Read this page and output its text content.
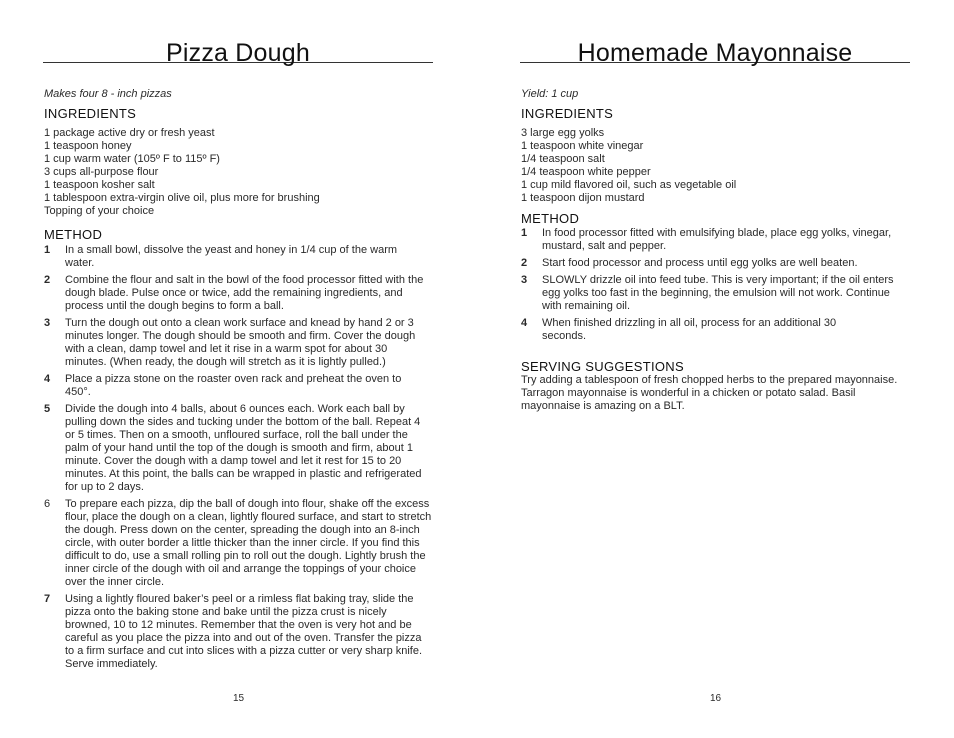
Pizza Dough
Makes four 8 - inch pizzas
INGREDIENTS
1 package active dry or fresh yeast
1 teaspoon honey
1 cup warm water (105º F to 115º F)
3 cups all-purpose flour
1 teaspoon kosher salt
1 tablespoon extra-virgin olive oil, plus more for brushing
Topping of your choice
METHOD
1	In a small bowl, dissolve the yeast and honey in 1/4 cup of the warm water.
2	Combine the flour and salt in the bowl of the food processor fitted with the dough blade. Pulse once or twice, add the remaining ingredients, and process until the dough begins to form a ball.
3	Turn the dough out onto a clean work surface and knead by hand 2 or 3 minutes longer. The dough should be smooth and firm. Cover the dough with a clean, damp towel and let it rise in a warm spot for about 30 minutes. (When ready, the dough will stretch as it is lightly pulled.)
4	Place a pizza stone on the roaster oven rack and preheat the oven to 450°.
5	Divide the dough into 4 balls, about 6 ounces each. Work each ball by pulling down the sides and tucking under the bottom of the ball. Repeat 4 or 5 times. Then on a smooth, unfloured surface, roll the ball under the palm of your hand until the top of the dough is smooth and firm, about 1 minute. Cover the dough with a damp towel and let it rest for 15 to 20 minutes. At this point, the balls can be wrapped in plastic and refrigerated for up to 2 days.
6	To prepare each pizza, dip the ball of dough into flour, shake off the excess flour, place the dough on a clean, lightly floured surface, and start to stretch the dough. Press down on the center, spreading the dough into an 8-inch circle, with outer border a little thicker than the inner circle. If you find this difficult to do, use a small rolling pin to roll out the dough. Lightly brush the inner circle of the dough with oil and arrange the toppings of your choice over the inner circle.
7	Using a lightly floured baker’s peel or a rimless flat baking tray, slide the pizza onto the baking stone and bake until the pizza crust is nicely browned, 10 to 12 minutes. Remember that the oven is very hot and be careful as you place the pizza into and out of the oven. Transfer the pizza to a firm surface and cut into slices with a pizza cutter or very sharp knife. Serve immediately.
15
Homemade Mayonnaise
Yield: 1 cup
INGREDIENTS
3 large egg yolks
1 teaspoon white vinegar
1/4 teaspoon salt
1/4 teaspoon white pepper
1 cup mild flavored oil, such as vegetable oil
1 teaspoon dijon mustard
METHOD
1	In food processor fitted with emulsifying blade, place egg yolks, vinegar, mustard, salt and pepper.
2	Start food processor and process until egg yolks are well beaten.
3	SLOWLY drizzle oil into feed tube. This is very important; if the oil enters egg yolks too fast in the beginning, the emulsion will not work. Continue with remaining oil.
4	When finished drizzling in all oil, process for an additional 30 seconds.
SERVING SUGGESTIONS

Try adding a tablespoon of fresh chopped herbs to the prepared mayonnaise. Tarragon mayonnaise is wonderful in a chicken or potato salad. Basil mayonnaise is amazing on a BLT.

16
